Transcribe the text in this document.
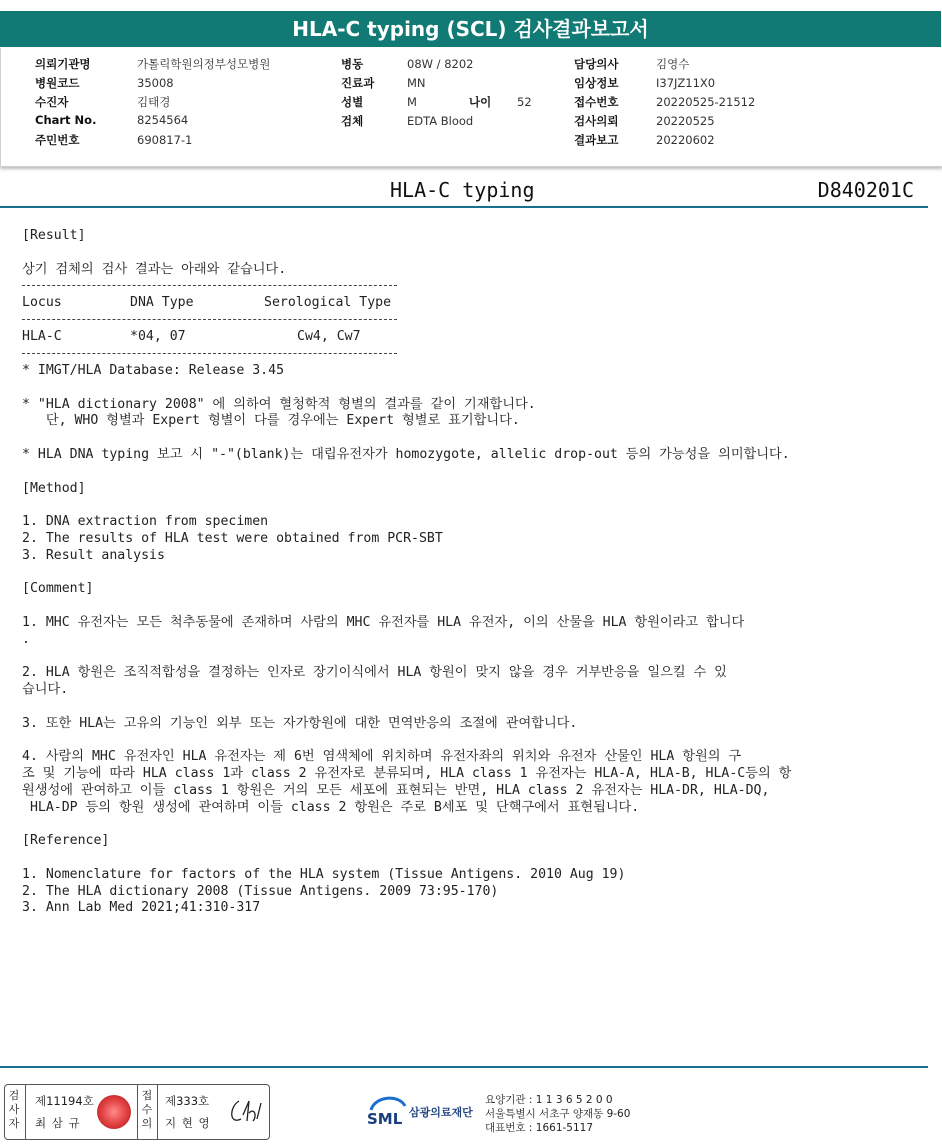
HLA-C typing (SCL) 검사결과보고서
의뢰기관명	가톨릭학원의정부성모병원
병원코드	35008
수진자	김태경
Chart No.	8254564
주민번호	690817-1
병동	08W / 8202
진료과	MN
성별	M	나이 52
검체	EDTA Blood
담당의사	김영수
임상정보	I37JZ11X0
접수번호	20220525-21512
검사의뢰	20220525
결과보고	20220602
HLA-C typing	D840201C
[Result]
상기 검체의 검사 결과는 아래와 같습니다.
Locus	DNA Type	Serological Type
HLA-C	*04, 07	Cw4, Cw7
* IMGT/HLA Database: Release 3.45
* "HLA dictionary 2008" 에 의하여 혈청학적 형별의 결과를 같이 기재합니다.
단, WHO 형별과 Expert 형별이 다를 경우에는 Expert 형별로 표기합니다.
* HLA DNA typing 보고 시 "-"(blank)는 대립유전자가 homozygote, allelic drop-out 등의 가능성을 의미합니다.
[Method]
1. DNA extraction from specimen
2. The results of HLA test were obtained from PCR-SBT
3. Result analysis
[Comment]
1. MHC 유전자는 모든 척추동물에 존재하며 사람의 MHC 유전자를 HLA 유전자, 이의 산물을 HLA 항원이라고 합니다
.
2. HLA 항원은 조직적합성을 결정하는 인자로 장기이식에서 HLA 항원이 맞지 않을 경우 거부반응을 일으킬 수 있
습니다.
3. 또한 HLA는 고유의 기능인 외부 또는 자가항원에 대한 면역반응의 조절에 관여합니다.
4. 사람의 MHC 유전자인 HLA 유전자는 제 6번 염색체에 위치하며 유전자좌의 위치와 유전자 산물인 HLA 항원의 구
조 및 기능에 따라 HLA class 1과 class 2 유전자로 분류되며, HLA class 1 유전자는 HLA-A, HLA-B, HLA-C등의 항
원생성에 관여하고 이들 class 1 항원은 거의 모든 세포에 표현되는 반면, HLA class 2 유전자는 HLA-DR, HLA-DQ,
HLA-DP 등의 항원 생성에 관여하며 이들 class 2 항원은 주로 B세포 및 단핵구에서 표현됩니다.
[Reference]
1. Nomenclature for factors of the HLA system (Tissue Antigens. 2010 Aug 19)
2. The HLA dictionary 2008 (Tissue Antigens. 2009 73:95-170)
3. Ann Lab Med 2021;41:310-317
검사자
제11194호
최 삼 규
접수의
제333호
지 현 영	SML 삼광의료재단
요양기관 : 1 1 3 6 5 2 0 0
서울특별시 서초구 양재동 9-60
대표번호 : 1661-5117
